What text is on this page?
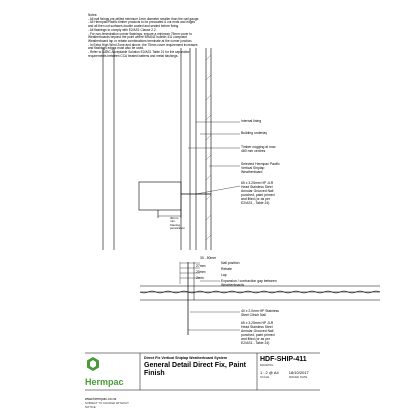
Notes:
- All nail fixings pre-drilled minimum 1mm diameter smaller than the nail gauge.
- All Hermpac/Pacific timber products to be precoated & cut ends and edges
and all then cut surfaces double coated and sealed before fixing.
- All flashings to comply with E2/AS1 Clause 2.2.
- For non-fenestration corner flashings, ensure a minimum 75mm cover to
Weatherboards beyond the point where BRANZ bulletin 411 compliant
Weatherboard lap or rebate combinations terminate at the corner junction.
- In Extra High Wind Zone and above, the 75mm cover requirement increases
and flashings edges must also be used.
- Refer to NZBC Acceptable Solution E2/AS1 Table 21 for the separation
requirements between CCA treated battens and metal flashings.
Internal lining
Building underlay
Timber nogging at max
480 mm centres
Selected Hermpac Pacific
Vertical Shiplap
Weatherboard
65 x 3.25mm HP JLR
Head Stainless Steel
Annular Grooved Nail
punched, paint primed
and filled (or as per
E2/AS1 - Table 24)
30mm
min.
framing
penetration
30 - 50mm
Nail position
27mm
Rebate
20mm
Lap
2mm
Expansion / contraction gap between
Weatherboards
40 x 2.0mm HP Stainless
Steel Clinch Nail
65 x 3.25mm HP JLR
Head Stainless Steel
Annular Grooved Nail
punched, paint primed
and filled (or as per
E2/AS1 - Table 24)
Hermpac
www.hermpac.co.nz
SUBJECT TO CHANGE WITHOUT NOTICE
Direct Fix Vertical Shiplap Weatherboard System
General Detail Direct Fix, Paint Finish
HDF-SHIP-411
DRAWING
1 : 2 @ A4
SCALE
18/10/2017
ISSUED DATE
